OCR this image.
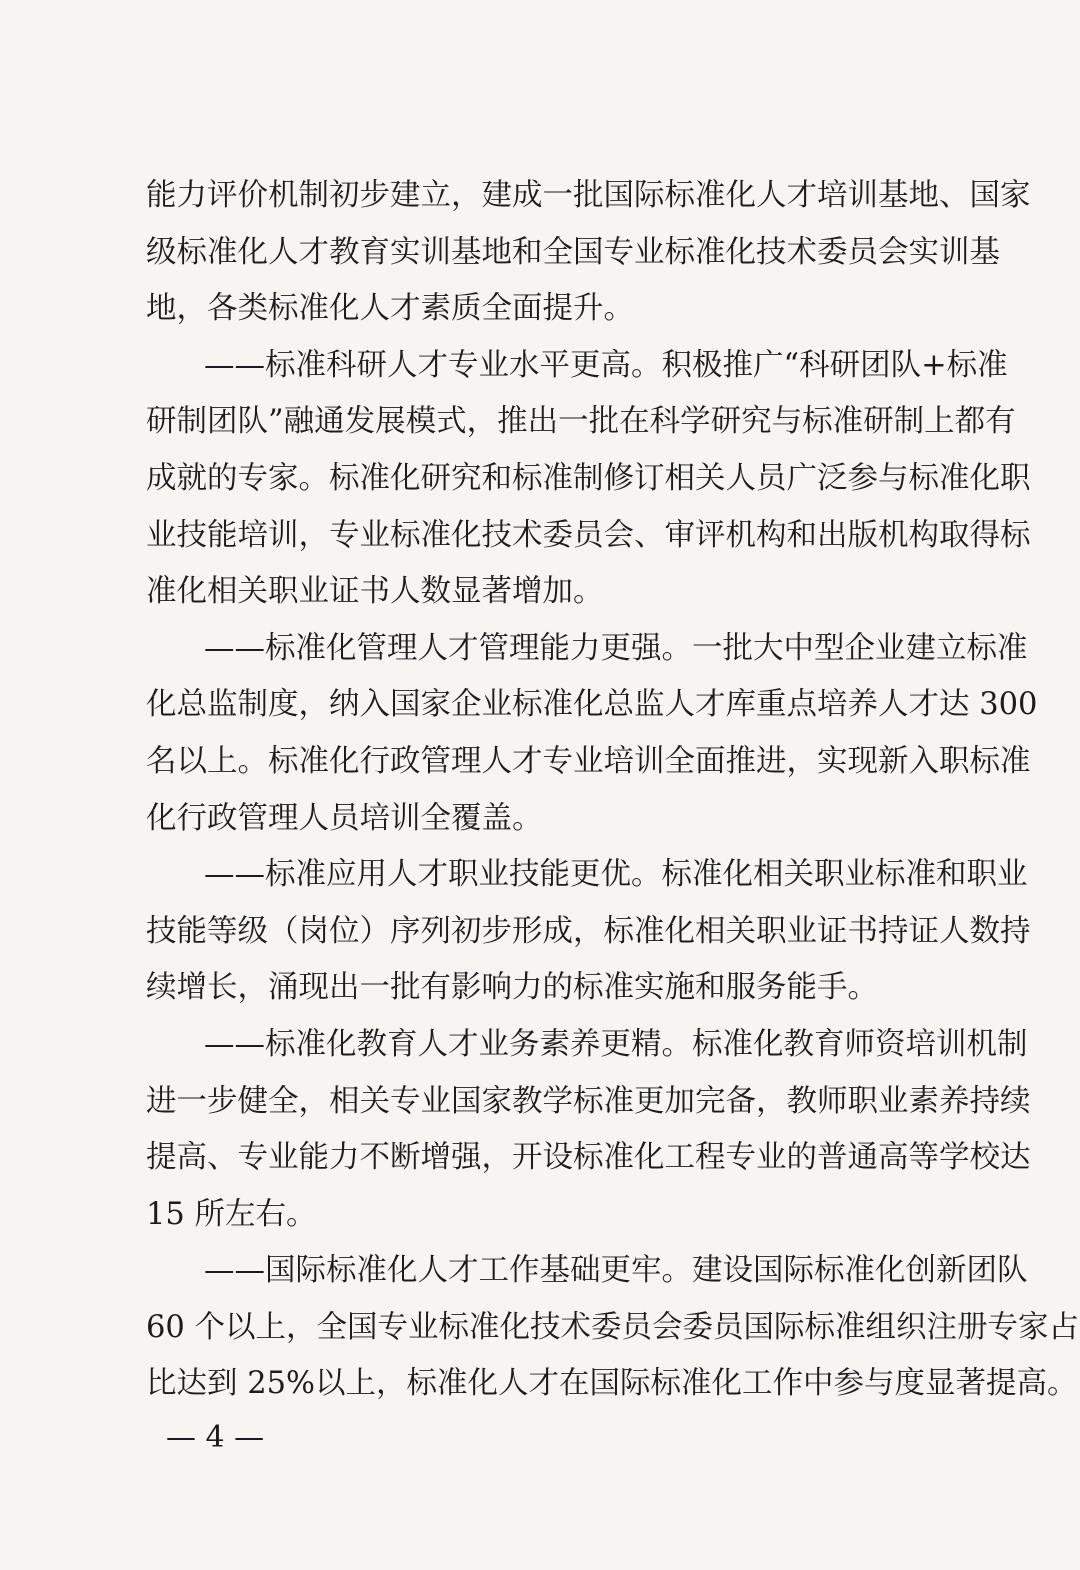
能力评价机制初步建立，建成一批国际标准化人才培训基地、国家
级标准化人才教育实训基地和全国专业标准化技术委员会实训基
地，各类标准化人才素质全面提升。
——标准科研人才专业水平更高。积极推广“科研团队+标准
研制团队”融通发展模式，推出一批在科学研究与标准研制上都有
成就的专家。标准化研究和标准制修订相关人员广泛参与标准化职
业技能培训，专业标准化技术委员会、审评机构和出版机构取得标
准化相关职业证书人数显著增加。
——标准化管理人才管理能力更强。一批大中型企业建立标准
化总监制度，纳入国家企业标准化总监人才库重点培养人才达 300
名以上。标准化行政管理人才专业培训全面推进，实现新入职标准
化行政管理人员培训全覆盖。
——标准应用人才职业技能更优。标准化相关职业标准和职业
技能等级（岗位）序列初步形成，标准化相关职业证书持证人数持
续增长，涌现出一批有影响力的标准实施和服务能手。
——标准化教育人才业务素养更精。标准化教育师资培训机制
进一步健全，相关专业国家教学标准更加完备，教师职业素养持续
提高、专业能力不断增强，开设标准化工程专业的普通高等学校达
15 所左右。
——国际标准化人才工作基础更牢。建设国际标准化创新团队
60 个以上，全国专业标准化技术委员会委员国际标准组织注册专家占
比达到 25%以上，标准化人才在国际标准化工作中参与度显著提高。
— 4 —
